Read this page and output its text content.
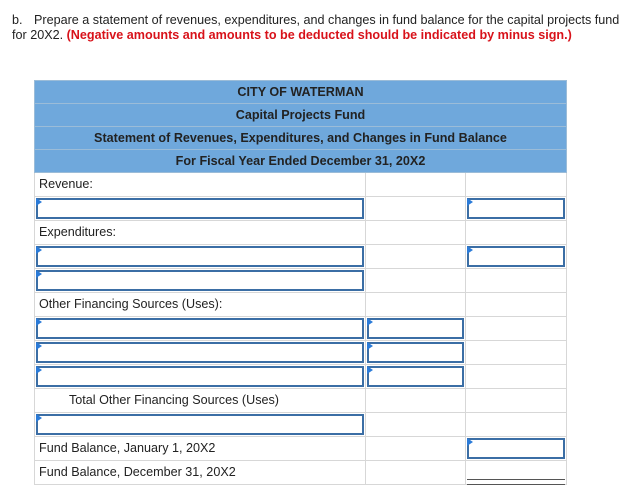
b. Prepare a statement of revenues, expenditures, and changes in fund balance for the capital projects fund for 20X2. (Negative amounts and amounts to be deducted should be indicated by minus sign.)

CITY OF WATERMAN
Capital Projects Fund
Statement of Revenues, Expenditures, and Changes in Fund Balance
For Fiscal Year Ended December 31, 20X2
Revenue:
Expenditures:
Other Financing Sources (Uses):
Total Other Financing Sources (Uses)
Fund Balance, January 1, 20X2
Fund Balance, December 31, 20X2
